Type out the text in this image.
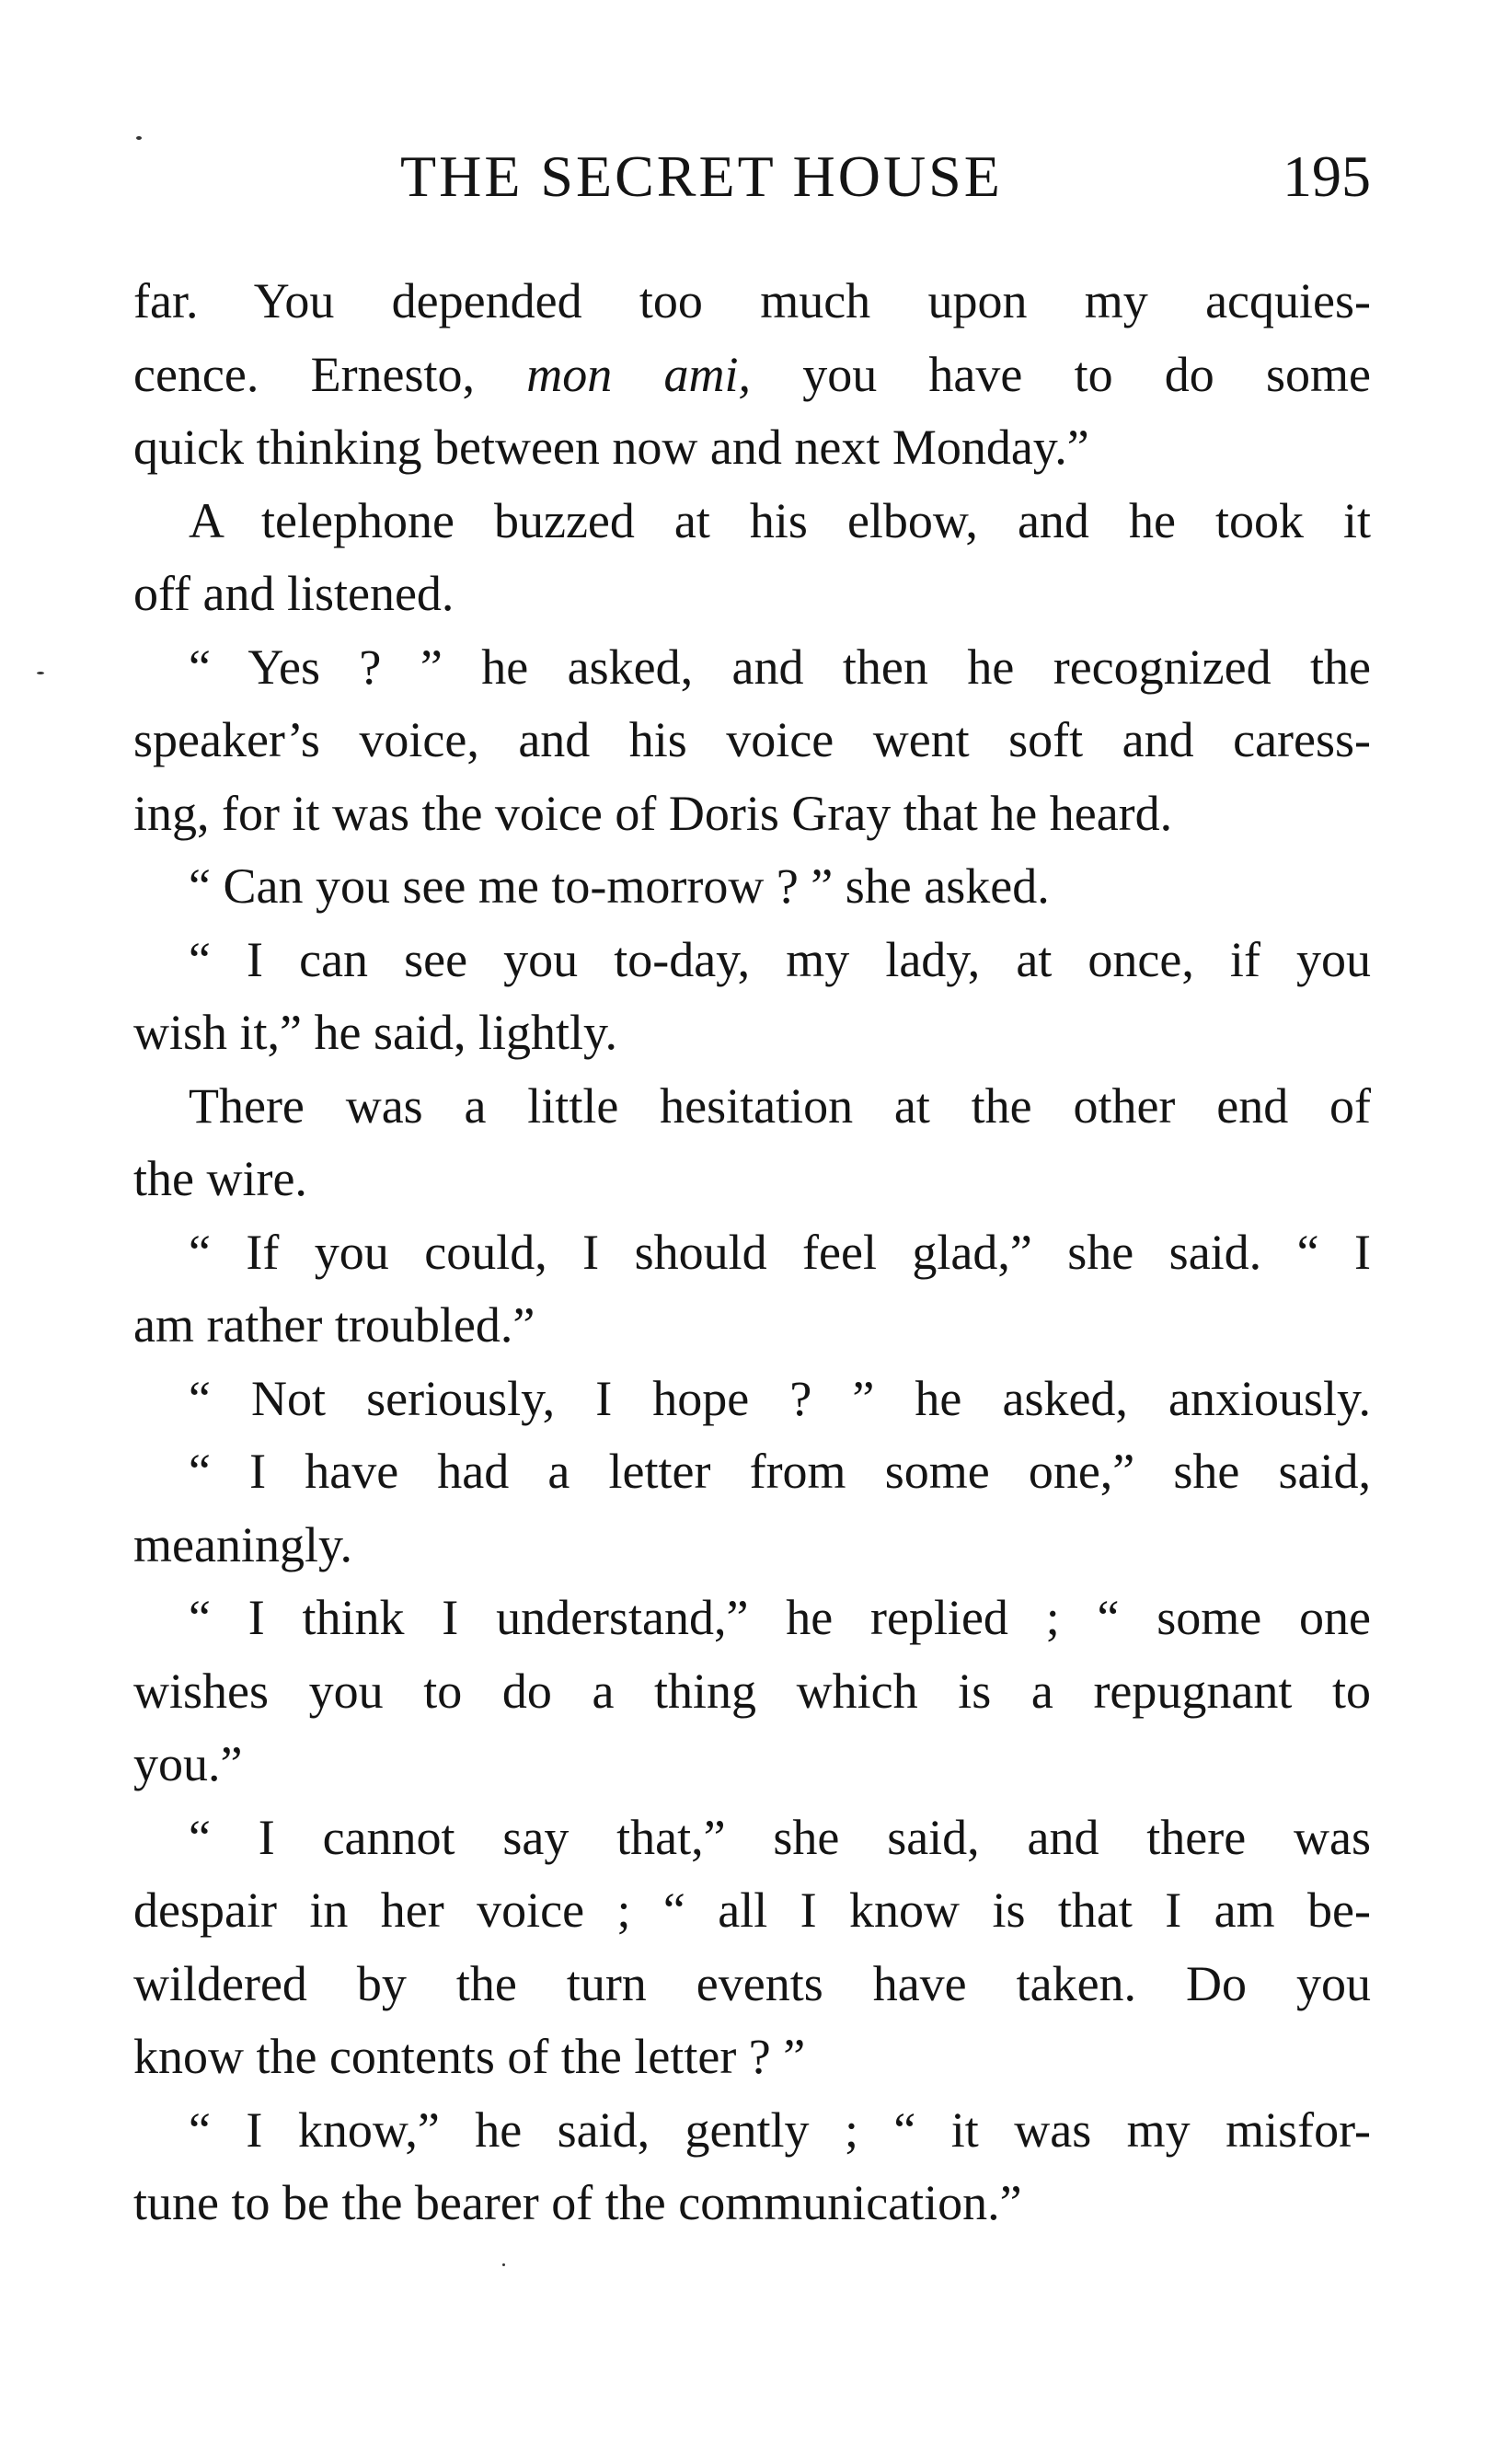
THE SECRET HOUSE	195
far. You depended too much upon my acquies-
cence. Ernesto, mon ami, you have to do some
quick thinking between now and next Monday.”
A telephone buzzed at his elbow, and he took it
off and listened.
“ Yes ? ” he asked, and then he recognized the
speaker’s voice, and his voice went soft and caress-
ing, for it was the voice of Doris Gray that he heard.
“ Can you see me to-morrow ? ” she asked.
“ I can see you to-day, my lady, at once, if you
wish it,” he said, lightly.
There was a little hesitation at the other end of
the wire.
“ If you could, I should feel glad,” she said. “ I
am rather troubled.”
“ Not seriously, I hope ? ” he asked, anxiously.
“ I have had a letter from some one,” she said,
meaningly.
“ I think I understand,” he replied ; “ some one
wishes you to do a thing which is a repugnant to
you.”
“ I cannot say that,” she said, and there was
despair in her voice ; “ all I know is that I am be-
wildered by the turn events have taken. Do you
know the contents of the letter ? ”
“ I know,” he said, gently ; “ it was my misfor-
tune to be the bearer of the communication.”
